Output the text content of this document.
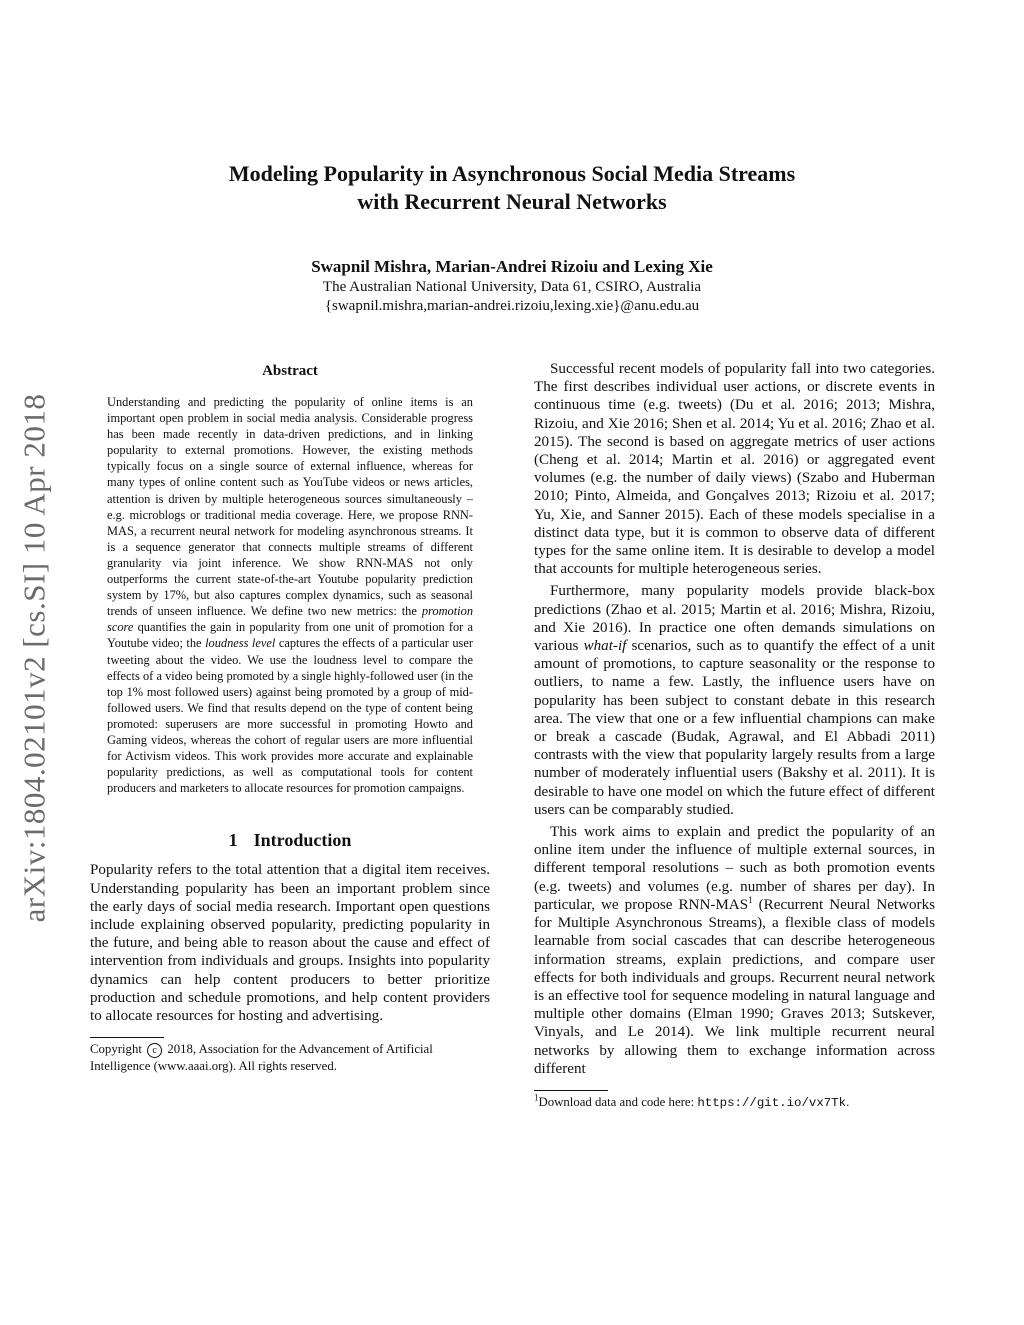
arXiv:1804.02101v2 [cs.SI] 10 Apr 2018
Modeling Popularity in Asynchronous Social Media Streams
with Recurrent Neural Networks
Swapnil Mishra, Marian-Andrei Rizoiu and Lexing Xie
The Australian National University, Data 61, CSIRO, Australia
{swapnil.mishra,marian-andrei.rizoiu,lexing.xie}@anu.edu.au
Abstract
Understanding and predicting the popularity of online items is an important open problem in social media analysis. Considerable progress has been made recently in data-driven predictions, and in linking popularity to external promotions. However, the existing methods typically focus on a single source of external influence, whereas for many types of online content such as YouTube videos or news articles, attention is driven by multiple heterogeneous sources simultaneously – e.g. microblogs or traditional media coverage. Here, we propose RNN-MAS, a recurrent neural network for modeling asynchronous streams. It is a sequence generator that connects multiple streams of different granularity via joint inference. We show RNN-MAS not only outperforms the current state-of-the-art Youtube popularity prediction system by 17%, but also captures complex dynamics, such as seasonal trends of unseen influence. We define two new metrics: the promotion score quantifies the gain in popularity from one unit of promotion for a Youtube video; the loudness level captures the effects of a particular user tweeting about the video. We use the loudness level to compare the effects of a video being promoted by a single highly-followed user (in the top 1% most followed users) against being promoted by a group of mid-followed users. We find that results depend on the type of content being promoted: superusers are more successful in promoting Howto and Gaming videos, whereas the cohort of regular users are more influential for Activism videos. This work provides more accurate and explainable popularity predictions, as well as computational tools for content producers and marketers to allocate resources for promotion campaigns.
1 Introduction

Popularity refers to the total attention that a digital item receives. Understanding popularity has been an important problem since the early days of social media research. Important open questions include explaining observed popularity, predicting popularity in the future, and being able to reason about the cause and effect of intervention from individuals and groups. Insights into popularity dynamics can help content producers to better prioritize production and schedule promotions, and help content providers to allocate resources for hosting and advertising.

Copyright c 2018, Association for the Advancement of Artificial Intelligence (www.aaai.org). All rights reserved.

Successful recent models of popularity fall into two categories. The first describes individual user actions, or discrete events in continuous time (e.g. tweets) (Du et al. 2016; 2013; Mishra, Rizoiu, and Xie 2016; Shen et al. 2014; Yu et al. 2016; Zhao et al. 2015). The second is based on aggregate metrics of user actions (Cheng et al. 2014; Martin et al. 2016) or aggregated event volumes (e.g. the number of daily views) (Szabo and Huberman 2010; Pinto, Almeida, and Gonçalves 2013; Rizoiu et al. 2017; Yu, Xie, and Sanner 2015). Each of these models specialise in a distinct data type, but it is common to observe data of different types for the same online item. It is desirable to develop a model that accounts for multiple heterogeneous series.

Furthermore, many popularity models provide black-box predictions (Zhao et al. 2015; Martin et al. 2016; Mishra, Rizoiu, and Xie 2016). In practice one often demands simulations on various what-if scenarios, such as to quantify the effect of a unit amount of promotions, to capture seasonality or the response to outliers, to name a few. Lastly, the influence users have on popularity has been subject to constant debate in this research area. The view that one or a few influential champions can make or break a cascade (Budak, Agrawal, and El Abbadi 2011) contrasts with the view that popularity largely results from a large number of moderately influential users (Bakshy et al. 2011). It is desirable to have one model on which the future effect of different users can be comparably studied.

This work aims to explain and predict the popularity of an online item under the influence of multiple external sources, in different temporal resolutions – such as both promotion events (e.g. tweets) and volumes (e.g. number of shares per day). In particular, we propose RNN-MAS$^1$ (Recurrent Neural Networks for Multiple Asynchronous Streams), a flexible class of models learnable from social cascades that can describe heterogeneous information streams, explain predictions, and compare user effects for both individuals and groups. Recurrent neural network is an effective tool for sequence modeling in natural language and multiple other domains (Elman 1990; Graves 2013; Sutskever, Vinyals, and Le 2014). We link multiple recurrent neural networks by allowing them to exchange information across different

$^1$Download data and code here: https://git.io/vx7Tk.
